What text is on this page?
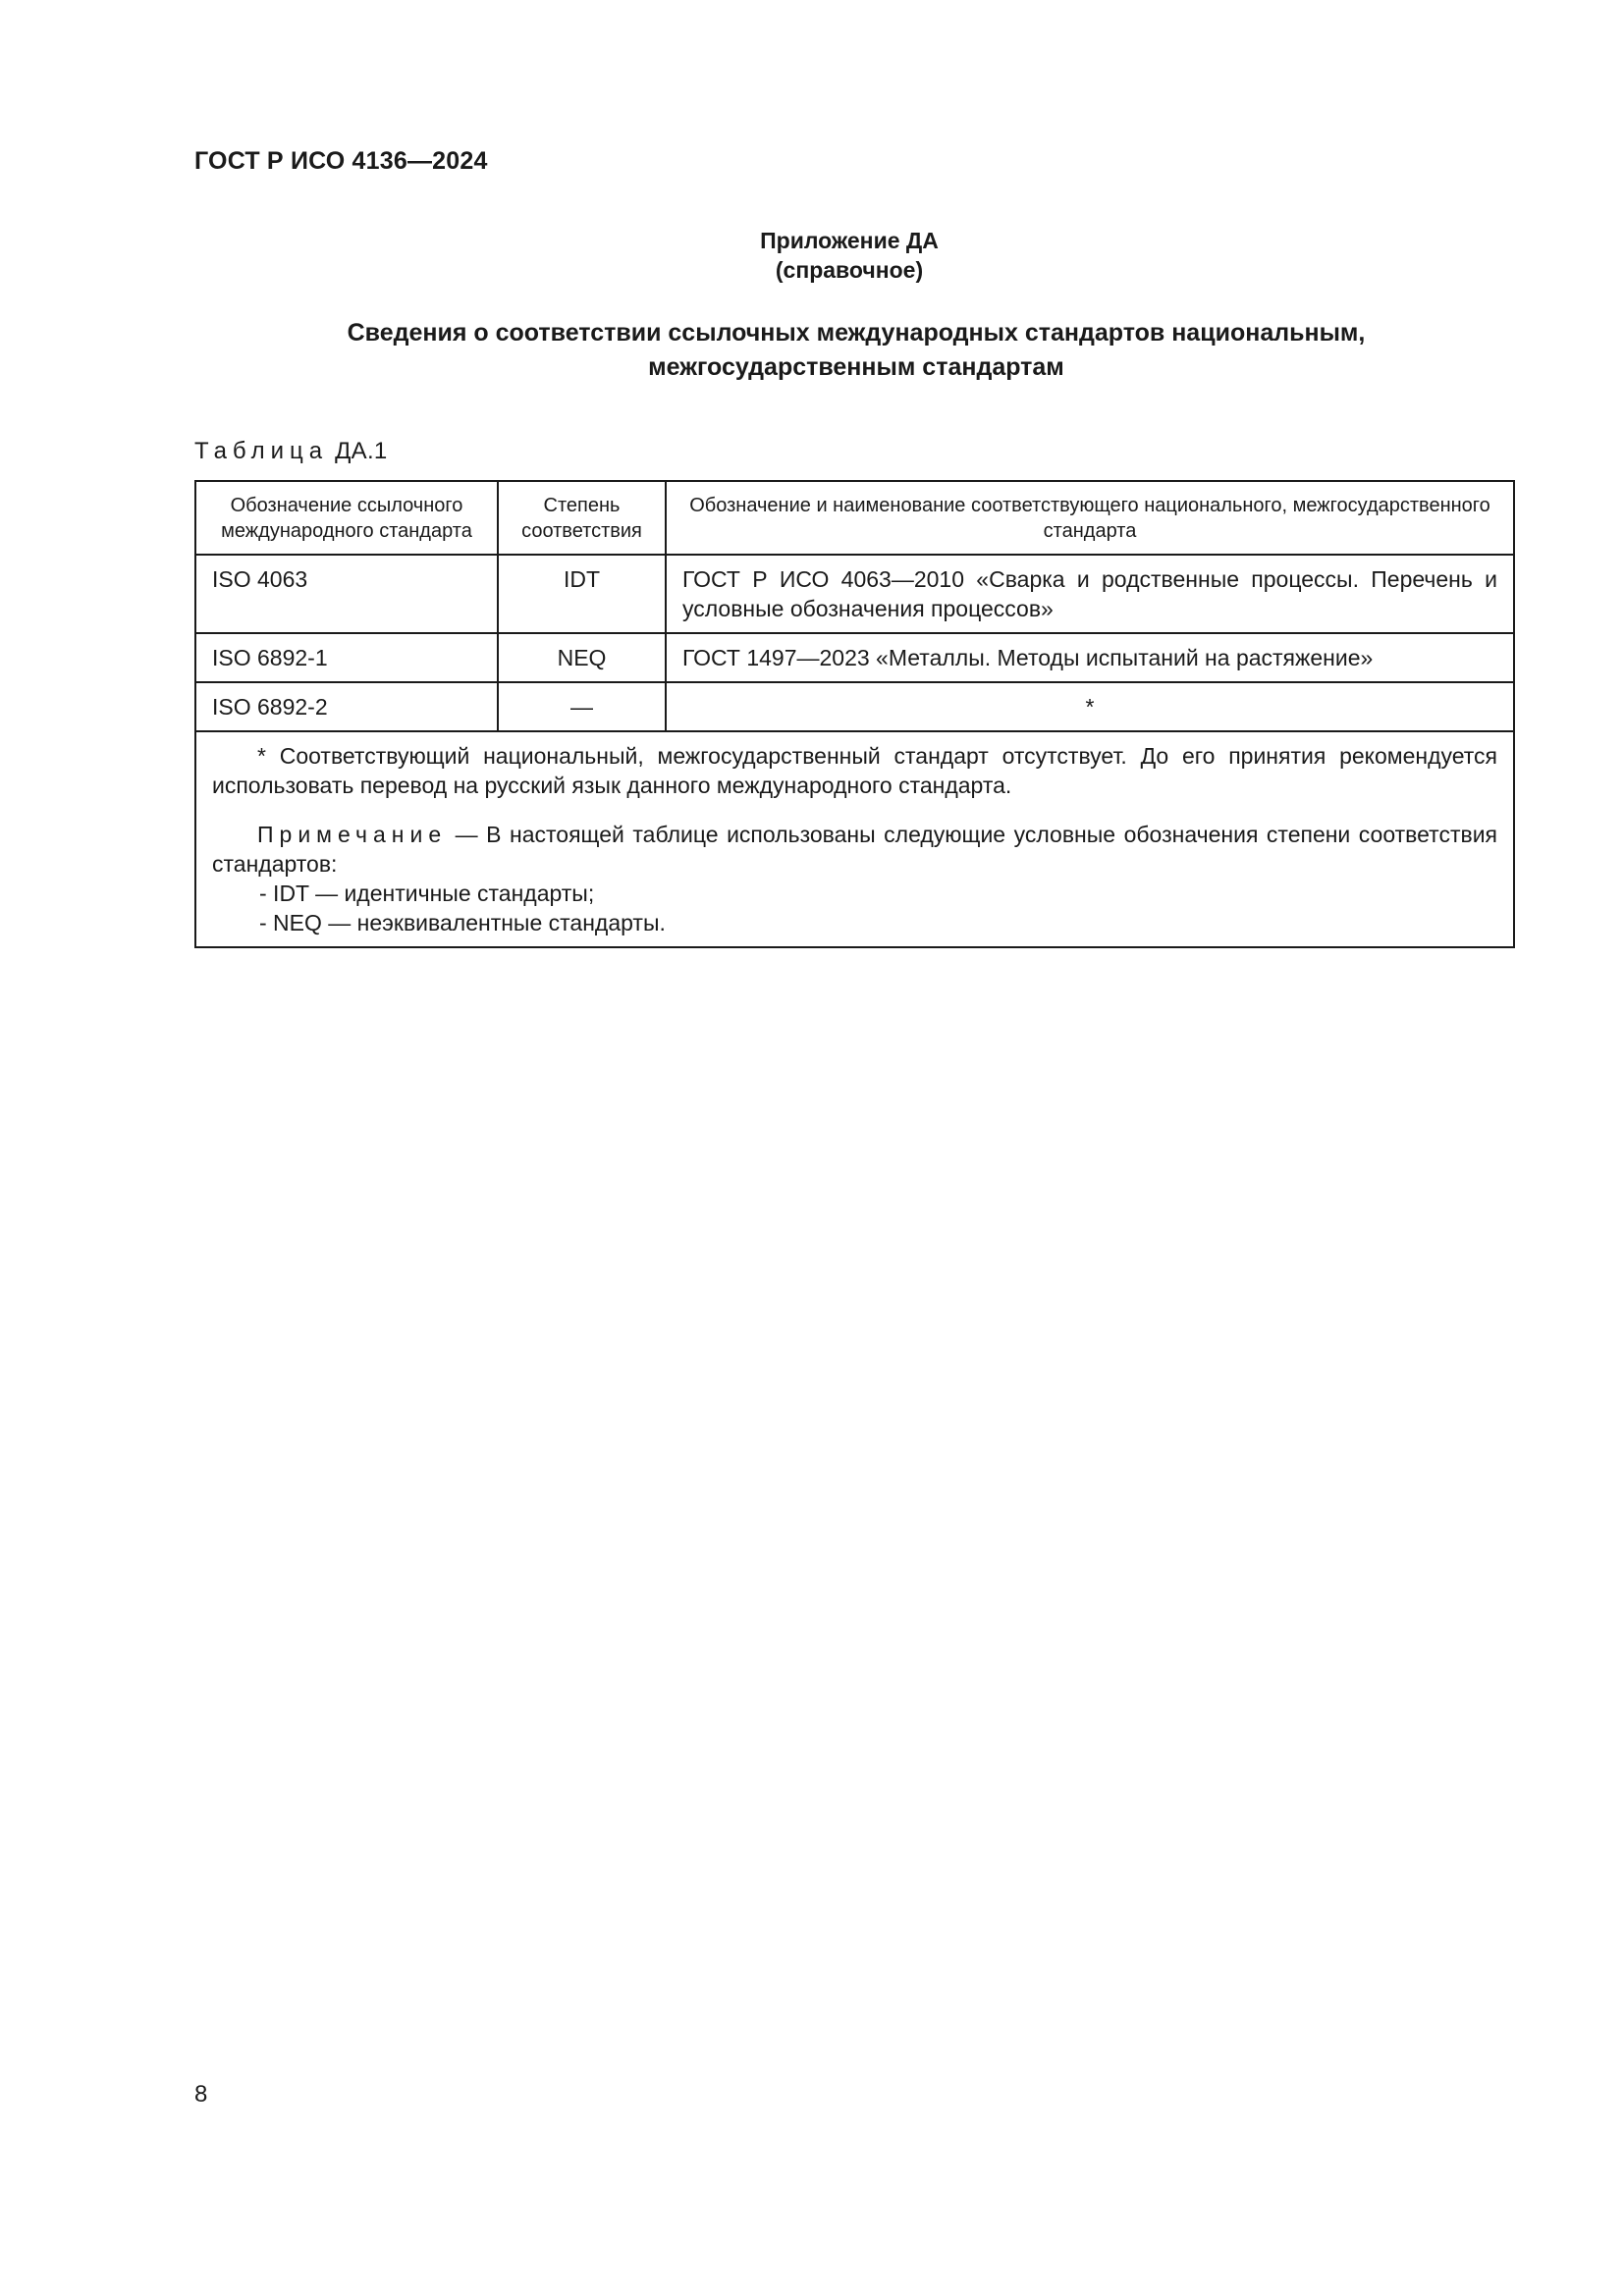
ГОСТ Р ИСО 4136—2024
Приложение ДА
(справочное)
Сведения о соответствии ссылочных международных стандартов национальным,
межгосударственным стандартам
Таблица ДА.1
Обозначение ссылочного международного стандарта	Степень соответствия	Обозначение и наименование соответствующего национального, межгосударственного стандарта
ISO 4063	IDT	ГОСТ Р ИСО 4063—2010 «Сварка и родственные процессы. Перечень и условные обозначения процессов»
ISO 6892-1	NEQ	ГОСТ 1497—2023 «Металлы. Методы испытаний на растяжение»
ISO 6892-2	—	*

* Соответствующий национальный, межгосударственный стандарт отсутствует. До его принятия рекомендуется использовать перевод на русский язык данного международного стандарта.

Примечание — В настоящей таблице использованы следующие условные обозначения степени соответствия стандартов:

- IDT — идентичные стандарты;

- NEQ — неэквивалентные стандарты.		

8
